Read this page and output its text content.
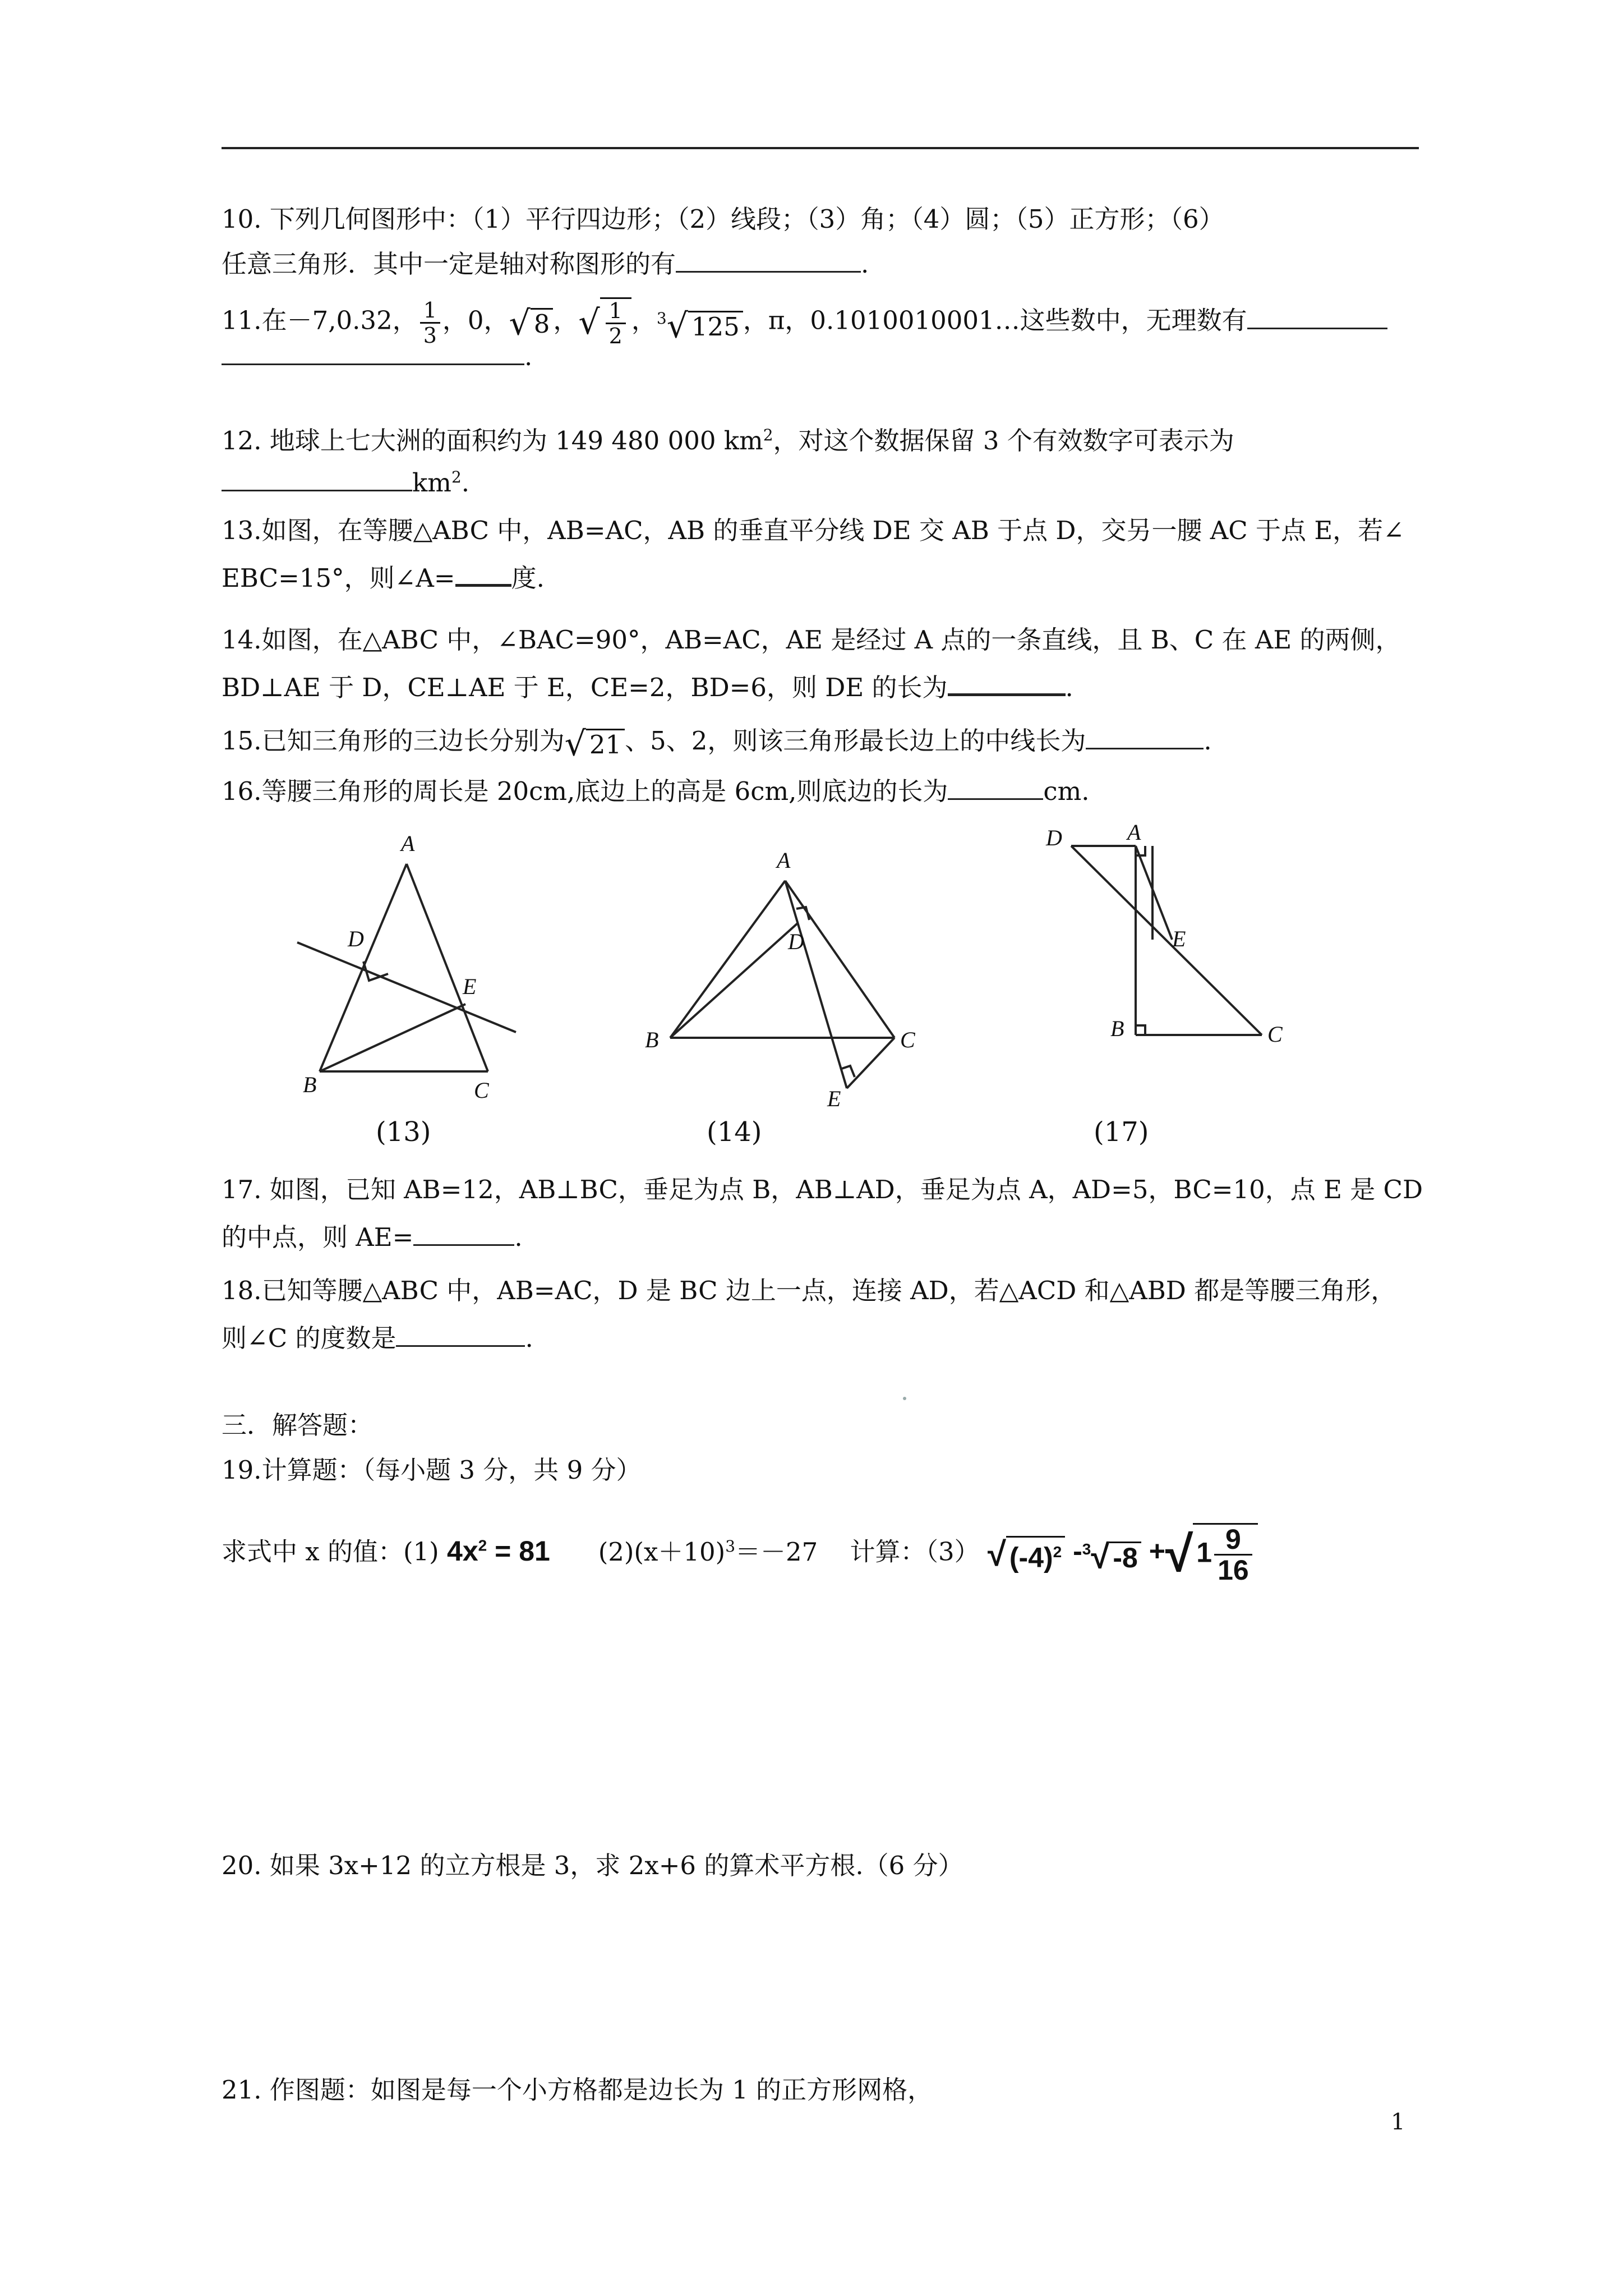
10. 下列几何图形中：（1）平行四边形；（2）线段；（3）角；（4）圆；（5）正方形；（6）
任意三角形．其中一定是轴对称图形的有	.
11.在－7,0.32， $\frac{1}{3}$ ，0，√ 8 ，√ $\frac{1}{2}$ ，$^3$√ 125 ，π，0.1010010001…这些数中，无理数有
.
12. 地球上七大洲的面积约为 149 480 000 $km^2$，对这个数据保留 3 个有效数字可表示为
$km^2$.
13.如图，在等腰△ABC 中，AB=AC，AB 的垂直平分线 DE 交 AB 于点 D，交另一腰 AC 于点 E，若∠
EBC=15°，则∠A= 度.
14.如图，在△ABC 中，∠BAC=90°，AB=AC，AE 是经过 A 点的一条直线，且 B、C 在 AE 的两侧，
BD⊥AE 于 D，CE⊥AE 于 E，CE=2，BD=6，则 DE 的长为	.
15.已知三角形的三边长分别为√ 21 、5、2，则该三角形最长边上的中线长为	.
16.等腰三角形的周长是 20cm,底边上的高是 6cm,则底边的长为	cm.
A
D
E
B	C
(13)
A
D
B	C
E
(14)
D	A
E
B	C
(17)
17. 如图，已知 AB=12，AB⊥BC，垂足为点 B，AB⊥AD，垂足为点 A，AD=5，BC=10，点 E 是 CD
的中点，则 AE=	.
18.已知等腰△ABC 中，AB=AC，D 是 BC 边上一点，连接 AD，若△ACD 和△ABD 都是等腰三角形，
则∠C 的度数是	.
三．解答题：
19.计算题：（每小题 3 分，共 9 分）
求式中 x 的值：(1) $4x^2 = 81$ $(2)(x+10)^3=-27$ 计算：（3） √ $(-4)^2$ -$^3$√ -8 +√ $1 \frac{9}{16}$
20. 如果 3x+12 的立方根是 3，求 2x+6 的算术平方根.（6 分）
21. 作图题：如图是每一个小方格都是边长为 1 的正方形网格，
1
